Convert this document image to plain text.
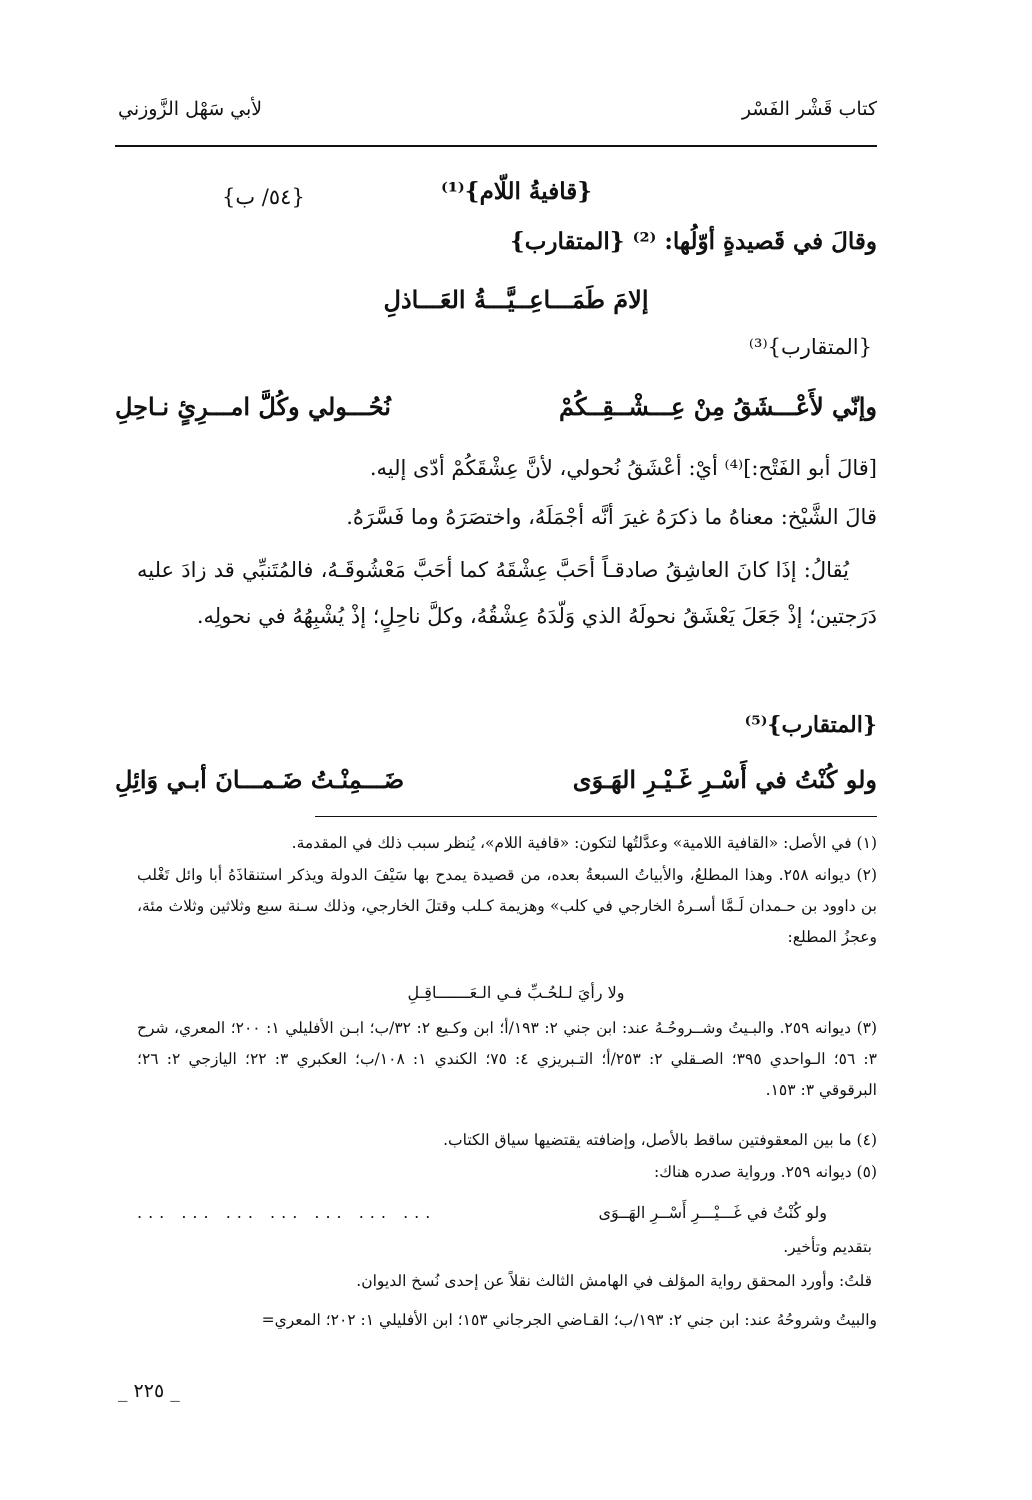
كتاب قَشْر الفَسْر
لأبي سَهْل الزَّوزني
{قافيةُ اللّام}⁽¹⁾
{٥٤/ ب}
وقالَ في قَصيدةٍ أوّلُها: ⁽²⁾ {المتقارب}
إلامَ طَمَـــاعِــيَّـــةُ العَـــاذلِ
{المتقارب}⁽³⁾
وإنّي لأَعْـــشَقُ مِنْ عِـــشْــقِــكُمْ
نُحُـــولي وكُلَّ امـــرِئٍ نـاحِلِ
[قالَ أبو الفَتْح:]⁽⁴⁾ أيْ: أعْشَقُ نُحولي، لأنَّ عِشْقَكُمْ أدّى إليه.
قالَ الشَّيْخ: معناهُ ما ذكرَهُ غيرَ أنَّه أجْمَلَهُ، واختصَرَهُ وما فَسَّرَهُ.
يُقالُ: إذَا كانَ العاشِقُ صادقـاً أحَبَّ عِشْقَهُ كما أحَبَّ مَعْشُوقَـهُ، فالمُتَنبِّي قد زادَ عليه دَرَجتين؛ إذْ جَعَلَ يَعْشَقُ نحولَهُ الذي وَلّدَهُ عِشْقُهُ، وكلَّ ناحِلٍ؛ إذْ يُشْبِهُهُ في نحولِه.
{المتقارب}⁽⁵⁾
ولو كُنْتُ في أَسْـرِ غَـيْـرِ الهَـوَى
ضَـــمِنْـتُ ضَـمـــانَ أبـي وَائِلِ
(١) في الأصل: «القافية اللامية» وعدَّلتُها لتكون: «قافية اللام»، يُنظر سبب ذلك في المقدمة.
(٢) ديوانه ٢٥٨. وهذا المطلعُ، والأبياتُ السبعةُ بعده، من قصيدة يمدح بها سَيْفَ الدولة ويذكر استنقاذَهُ أبا وائل تَغْلب بن داوود بن حـمدان لَـمَّا أسـرهُ الخارجي في كلب» وهزيمة كـلب وقتلَ الخارجي، وذلك سـنة سبع وثلاثين وثلاث مئة، وعجزُ المطلع:
ولا رأيَ لـلحُـبِّ فـي الـعَـــــــاقِـلِ
(٣) ديوانه ٢٥٩. والبـيتُ وشــروحُـهُ عند: ابن جني ٢: ١٩٣/أ؛ ابن وكـيع ٢: ٣٢/ب؛ ابـن الأفليلي ١: ٢٠٠؛ المعري، شرح ٣: ٥٦؛ الـواحدي ٣٩٥؛ الصـقلي ٢: ٢٥٣/أ؛ التـبريزي ٤: ٧٥؛ الكندي ١: ١٠٨/ب؛ العكبري ٣: ٢٢؛ اليازجي ٢: ٢٦؛ البرقوقي ٣: ١٥٣.
(٤) ما بين المعقوفتين ساقط بالأصل، وإضافته يقتضيها سياق الكتاب.
(٥) ديوانه ٢٥٩. ورواية صدره هناك:
ولو كُنْتُ في غَـــيْـــرِ أَسْــرِ الهَــوَى
... ... ... ... ... ... ...
بتقديم وتأخير.
قلتُ: وأورد المحقق رواية المؤلف في الهامش الثالث نقلاً عن إحدى نُسخ الديوان.
والبيتُ وشروحُهُ عند: ابن جني ٢: ١٩٣/ب؛ القـاضي الجرجاني ١٥٣؛ ابن الأفليلي ١: ٢٠٢؛ المعري=
_ ٢٢٥ _
